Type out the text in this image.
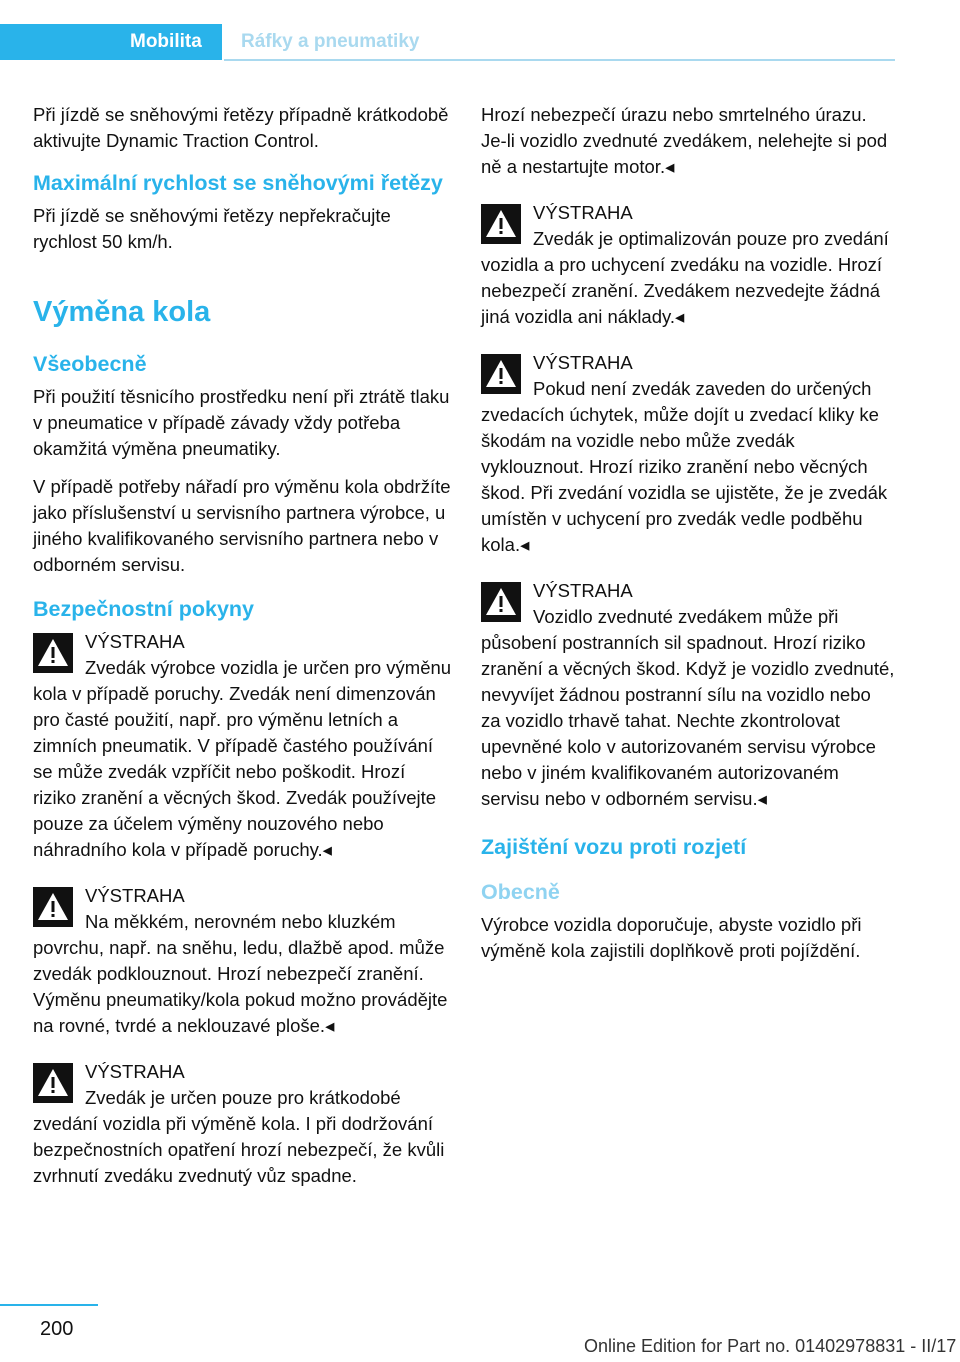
Mobilita	Ráfky a pneumatiky

Při jízdě se sněhovými řetězy případně krátkodobě aktivujte Dynamic Traction Control.

Maximální rychlost se sněhovými řetězy

Při jízdě se sněhovými řetězy nepřekračujte rychlost 50 km/h.

Výměna kola
Všeobecně

Při použití těsnicího prostředku není při ztrátě tlaku v pneumatice v případě závady vždy potřeba okamžitá výměna pneumatiky.

V případě potřeby nářadí pro výměnu kola obdržíte jako příslušenství u servisního partnera výrobce, u jiného kvalifikovaného servisního partnera nebo v odborném servisu.

Bezpečnostní pokyny
VÝSTRAHA
Zvedák výrobce vozidla je určen pro výměnu kola v případě poruchy. Zvedák není dimenzován pro časté použití, např. pro výměnu letních a zimních pneumatik. V případě častého používání se může zvedák vzpříčit nebo poškodit. Hrozí riziko zranění a věcných škod. Zvedák používejte pouze za účelem výměny nouzového nebo náhradního kola v případě poruchy.◂
VÝSTRAHA
Na měkkém, nerovném nebo kluzkém povrchu, např. na sněhu, ledu, dlažbě apod. může zvedák podklouznout. Hrozí nebezpečí zranění. Výměnu pneumatiky/kola pokud možno provádějte na rovné, tvrdé a neklouzavé ploše.◂
VÝSTRAHA
Zvedák je určen pouze pro krátkodobé zvedání vozidla při výměně kola. I při dodržování bezpečnostních opatření hrozí nebezpečí, že kvůli zvrhnutí zvedáku zvednutý vůz spadne.

Hrozí nebezpečí úrazu nebo smrtelného úrazu. Je-li vozidlo zvednuté zvedákem, nelehejte si pod ně a nestartujte motor.◂

VÝSTRAHA
Zvedák je optimalizován pouze pro zvedání vozidla a pro uchycení zvedáku na vozidle. Hrozí nebezpečí zranění. Zvedákem nezvedejte žádná jiná vozidla ani náklady.◂
VÝSTRAHA
Pokud není zvedák zaveden do určených zvedacích úchytek, může dojít u zvedací kliky ke škodám na vozidle nebo může zvedák vyklouznout. Hrozí riziko zranění nebo věcných škod. Při zvedání vozidla se ujistěte, že je zvedák umístěn v uchycení pro zvedák vedle podběhu kola.◂
VÝSTRAHA
Vozidlo zvednuté zvedákem může při působení postranních sil spadnout. Hrozí riziko zranění a věcných škod. Když je vozidlo zvednuté, nevyvíjet žádnou postranní sílu na vozidlo nebo za vozidlo trhavě tahat. Nechte zkontrolovat upevněné kolo v autorizovaném servisu výrobce nebo v jiném kvalifikovaném autorizovaném servisu nebo v odborném servisu.◂
Zajištění vozu proti rozjetí
Obecně

Výrobce vozidla doporučuje, abyste vozidlo při výměně kola zajistili doplňkově proti pojíždění.

200
Online Edition for Part no. 01402978831 - II/17
